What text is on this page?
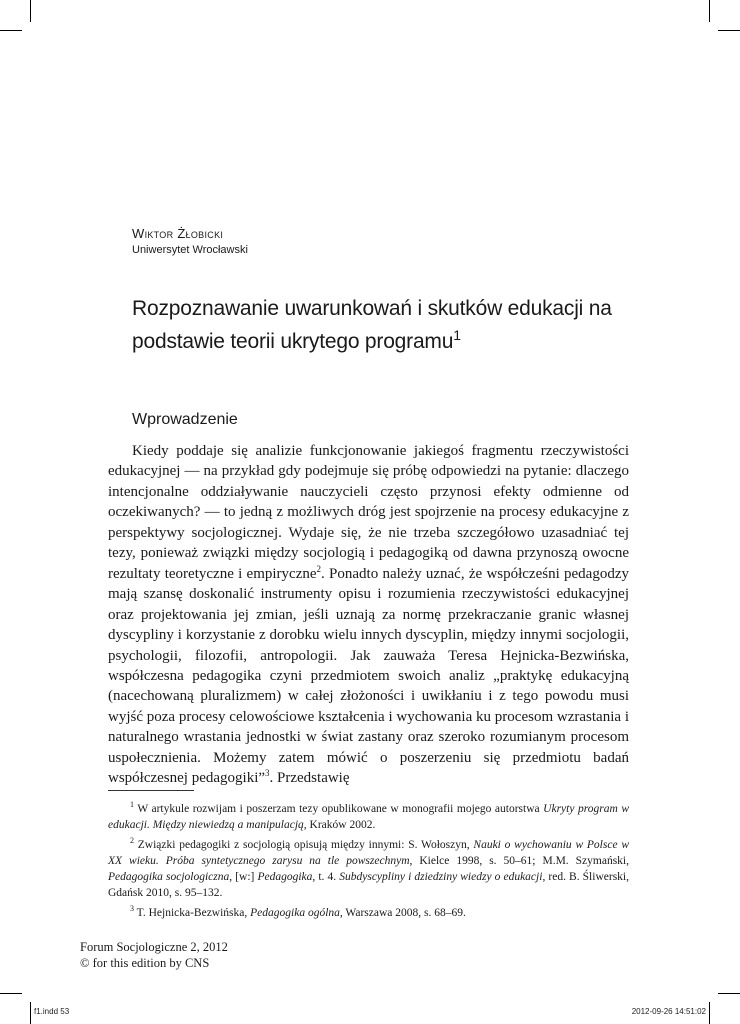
Wiktor Żłobicki
Uniwersytet Wrocławski
Rozpoznawanie uwarunkowań i skutków edukacji na podstawie teorii ukrytego programu$^1$
Wprowadzenie

Kiedy poddaje się analizie funkcjonowanie jakiegoś fragmentu rzeczywistości edukacyjnej — na przykład gdy podejmuje się próbę odpowiedzi na pytanie: dlaczego intencjonalne oddziaływanie nauczycieli często przynosi efekty odmienne od oczekiwanych? — to jedną z możliwych dróg jest spojrzenie na procesy edukacyjne z perspektywy socjologicznej. Wydaje się, że nie trzeba szczegółowo uzasadniać tej tezy, ponieważ związki między socjologią i pedagogiką od dawna przynoszą owocne rezultaty teoretyczne i empiryczne$^2$. Ponadto należy uznać, że współcześni pedagodzy mają szansę doskonalić instrumenty opisu i rozumienia rzeczywistości edukacyjnej oraz projektowania jej zmian, jeśli uznają za normę przekraczanie granic własnej dyscypliny i korzystanie z dorobku wielu innych dyscyplin, między innymi socjologii, psychologii, filozofii, antropologii. Jak zauważa Teresa Hejnicka-Bezwińska, współczesna pedagogika czyni przedmiotem swoich analiz „praktykę edukacyjną (nacechowaną pluralizmem) w całej złożoności i uwikłaniu i z tego powodu musi wyjść poza procesy celowościowe kształcenia i wychowania ku procesom wzrastania i naturalnego wrastania jednostki w świat zastany oraz szeroko rozumianym procesom uspołecznienia. Możemy zatem mówić o poszerzeniu się przedmiotu badań współczesnej pedagogiki”$^3$. Przedstawię

$^1$ W artykule rozwijam i poszerzam tezy opublikowane w monografii mojego autorstwa Ukryty program w edukacji. Między niewiedzą a manipulacją, Kraków 2002.

$^2$ Związki pedagogiki z socjologią opisują między innymi: S. Wołoszyn, Nauki o wychowaniu w Polsce w XX wieku. Próba syntetycznego zarysu na tle powszechnym, Kielce 1998, s. 50–61; M.M. Szymański, Pedagogika socjologiczna, [w:] Pedagogika, t. 4. Subdyscypliny i dziedziny wiedzy o edukacji, red. B. Śliwerski, Gdańsk 2010, s. 95–132.

$^3$ T. Hejnicka-Bezwińska, Pedagogika ogólna, Warszawa 2008, s. 68–69.

Forum Socjologiczne 2, 2012
© for this edition by CNS
f1.indd 53	2012-09-26 14:51:02
